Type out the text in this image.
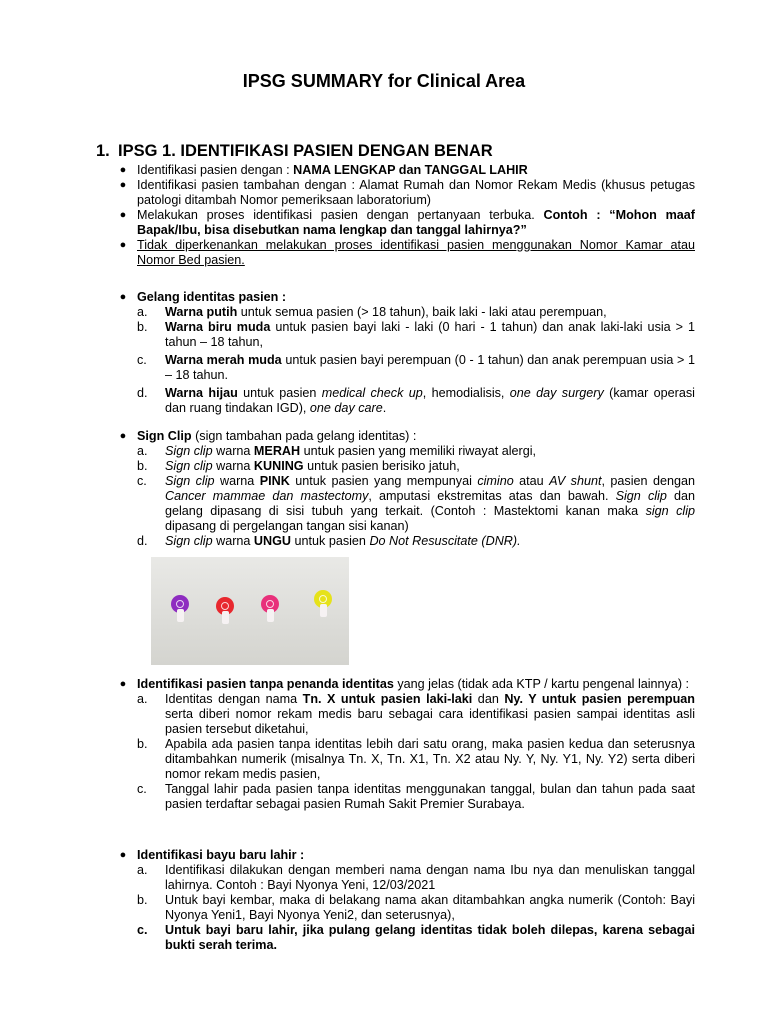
IPSG SUMMARY for Clinical Area
1. IPSG 1. IDENTIFIKASI PASIEN DENGAN BENAR
● Identifikasi pasien dengan : NAMA LENGKAP dan TANGGAL LAHIR
● Identifikasi pasien tambahan dengan : Alamat Rumah dan Nomor Rekam Medis (khusus petugas patologi ditambah Nomor pemeriksaan laboratorium)
● Melakukan proses identifikasi pasien dengan pertanyaan terbuka. Contoh : “Mohon maaf Bapak/Ibu, bisa disebutkan nama lengkap dan tanggal lahirnya?”
● Tidak diperkenankan melakukan proses identifikasi pasien menggunakan Nomor Kamar atau Nomor Bed pasien.
● Gelang identitas pasien :
a. Warna putih untuk semua pasien (> 18 tahun), baik laki - laki atau perempuan,
b. Warna biru muda untuk pasien bayi laki - laki (0 hari - 1 tahun) dan anak laki-laki usia > 1 tahun – 18 tahun,
c. Warna merah muda untuk pasien bayi perempuan (0 - 1 tahun) dan anak perempuan usia > 1 – 18 tahun.
d. Warna hijau untuk pasien medical check up, hemodialisis, one day surgery (kamar operasi dan ruang tindakan IGD), one day care.
● Sign Clip (sign tambahan pada gelang identitas) :
a. Sign clip warna MERAH untuk pasien yang memiliki riwayat alergi,
b. Sign clip warna KUNING untuk pasien berisiko jatuh,
c. Sign clip warna PINK untuk pasien yang mempunyai cimino atau AV shunt, pasien dengan Cancer mammae dan mastectomy, amputasi ekstremitas atas dan bawah. Sign clip dan gelang dipasang di sisi tubuh yang terkait. (Contoh : Mastektomi kanan maka sign clip dipasang di pergelangan tangan sisi kanan)
d. Sign clip warna UNGU untuk pasien Do Not Resuscitate (DNR).
● Identifikasi pasien tanpa penanda identitas yang jelas (tidak ada KTP / kartu pengenal lainnya) :
a. Identitas dengan nama Tn. X untuk pasien laki-laki dan Ny. Y untuk pasien perempuan serta diberi nomor rekam medis baru sebagai cara identifikasi pasien sampai identitas asli pasien tersebut diketahui,
b. Apabila ada pasien tanpa identitas lebih dari satu orang, maka pasien kedua dan seterusnya ditambahkan numerik (misalnya Tn. X, Tn. X1, Tn. X2 atau Ny. Y, Ny. Y1, Ny. Y2) serta diberi nomor rekam medis pasien,
c. Tanggal lahir pada pasien tanpa identitas menggunakan tanggal, bulan dan tahun pada saat pasien terdaftar sebagai pasien Rumah Sakit Premier Surabaya.
● Identifikasi bayu baru lahir :
a. Identifikasi dilakukan dengan memberi nama dengan nama Ibu nya dan menuliskan tanggal lahirnya. Contoh : Bayi Nyonya Yeni, 12/03/2021
b. Untuk bayi kembar, maka di belakang nama akan ditambahkan angka numerik (Contoh: Bayi Nyonya Yeni1, Bayi Nyonya Yeni2, dan seterusnya),
c. Untuk bayi baru lahir, jika pulang gelang identitas tidak boleh dilepas, karena sebagai bukti serah terima.
